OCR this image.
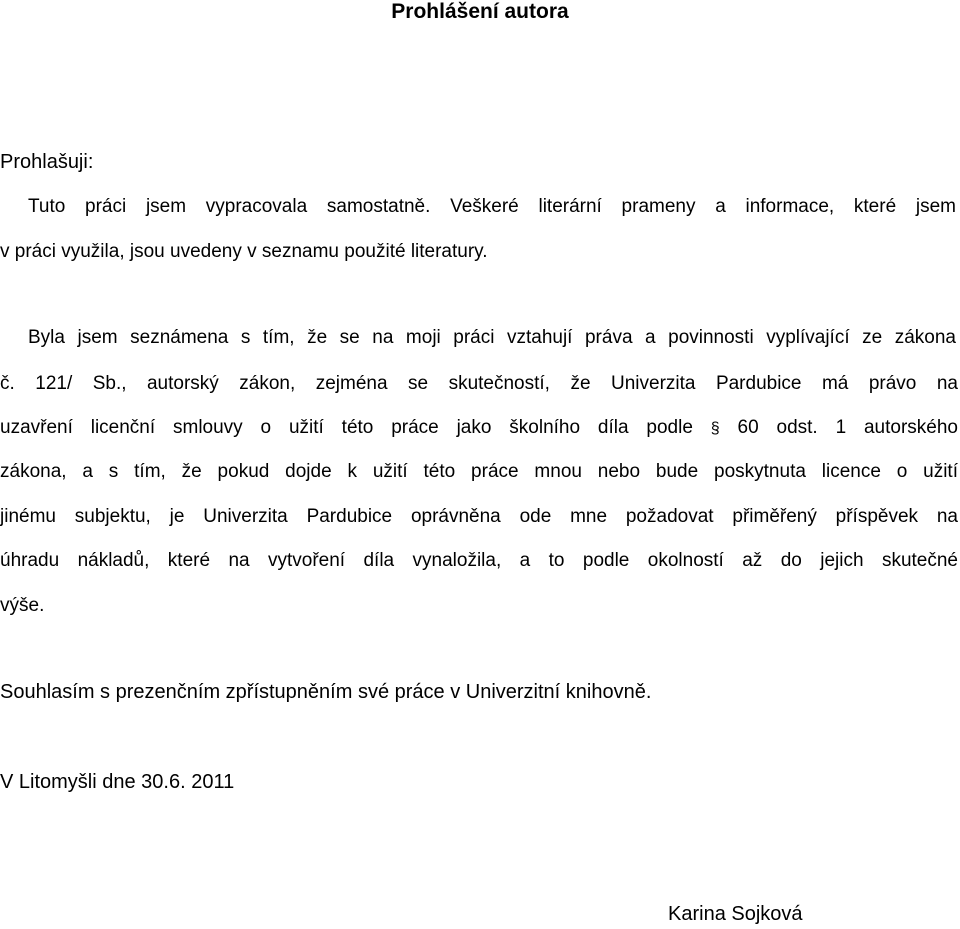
Prohlášení autora
Prohlašuji:
Tuto práci jsem vypracovala samostatně. Veškeré literární prameny a informace, které jsem
v práci využila, jsou uvedeny v seznamu použité literatury.
Byla jsem seznámena s tím, že se na moji práci vztahují práva a povinnosti vyplívající ze zákona
č. 121/ Sb., autorský zákon, zejména se skutečností, že Univerzita Pardubice má právo na
uzavření licenční smlouvy o užití této práce jako školního díla podle § 60 odst. 1 autorského
zákona, a s tím, že pokud dojde k užití této práce mnou nebo bude poskytnuta licence o užití
jinému subjektu, je Univerzita Pardubice oprávněna ode mne požadovat přiměřený příspěvek na
úhradu nákladů, které na vytvoření díla vynaložila, a to podle okolností až do jejich skutečné
výše.
Souhlasím s prezenčním zpřístupněním své práce v Univerzitní knihovně.
V Litomyšli dne 30.6. 2011
Karina Sojková
